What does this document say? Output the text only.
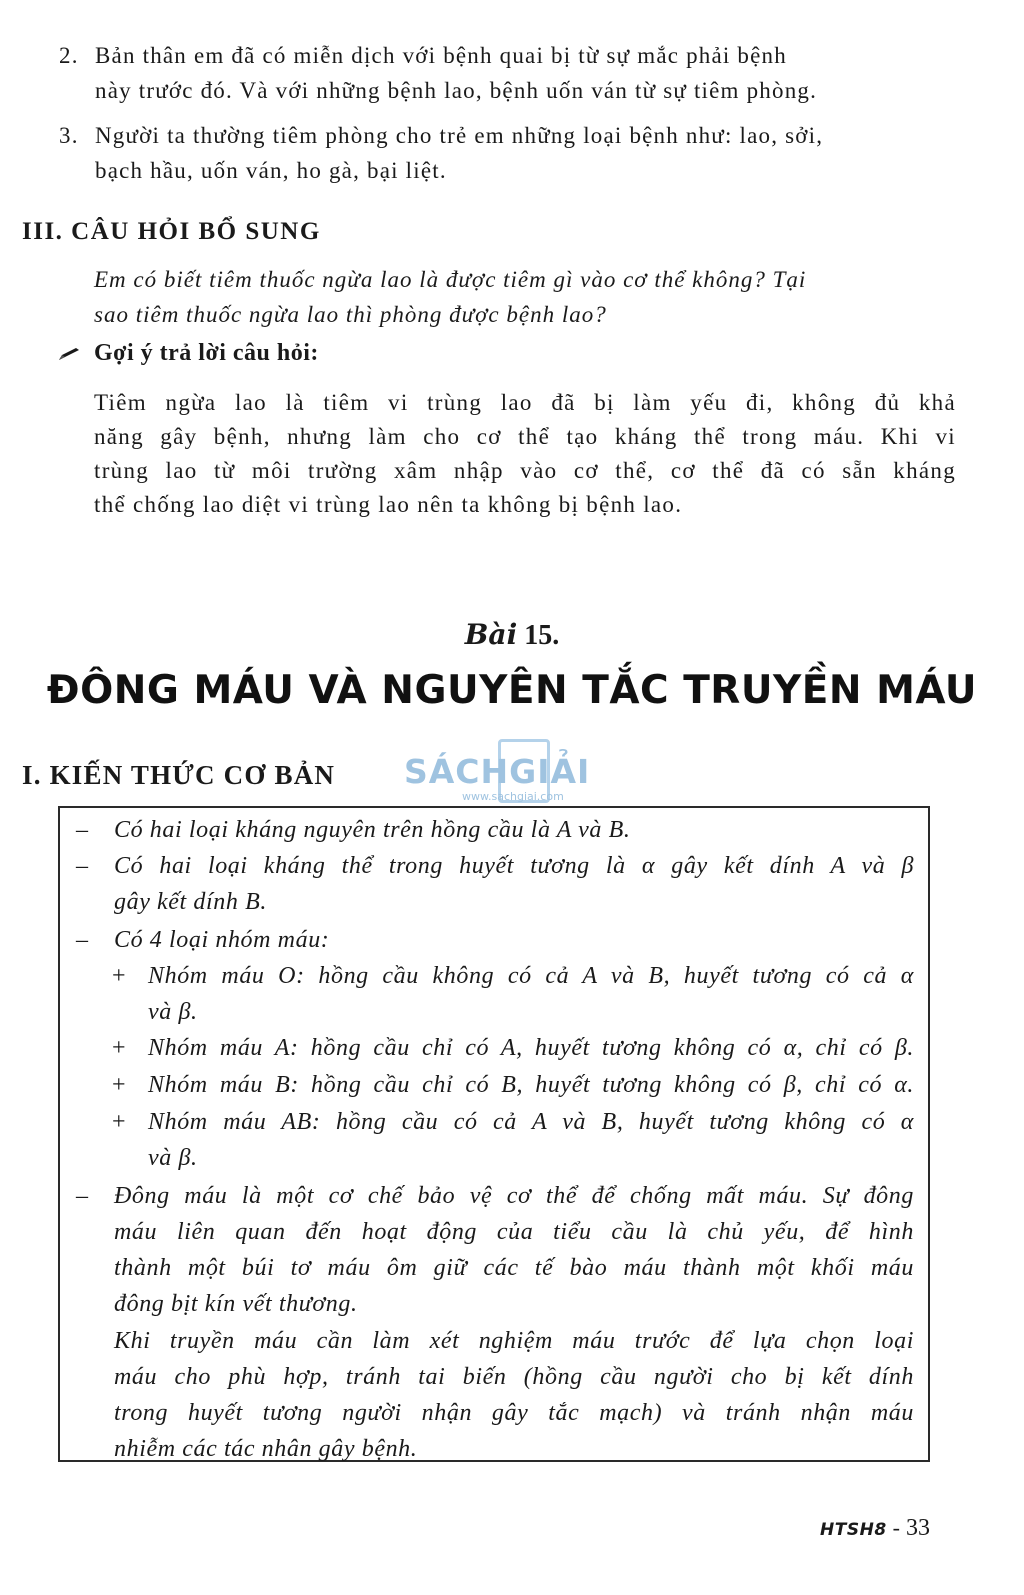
2. Bản thân em đã có miễn dịch với bệnh quai bị từ sự mắc phải bệnh
này trước đó. Và với những bệnh lao, bệnh uốn ván từ sự tiêm phòng.
3. Người ta thường tiêm phòng cho trẻ em những loại bệnh như: lao, sởi,
bạch hầu, uốn ván, ho gà, bại liệt.
III. CÂU HỎI BỔ SUNG
Em có biết tiêm thuốc ngừa lao là được tiêm gì vào cơ thể không? Tại
sao tiêm thuốc ngừa lao thì phòng được bệnh lao?
Gợi ý trả lời câu hỏi:
Tiêm ngừa lao là tiêm vi trùng lao đã bị làm yếu đi, không đủ khả
năng gây bệnh, nhưng làm cho cơ thể tạo kháng thể trong máu. Khi vi
trùng lao từ môi trường xâm nhập vào cơ thể, cơ thể đã có sẵn kháng
thể chống lao diệt vi trùng lao nên ta không bị bệnh lao.
Bài 15.
ĐÔNG MÁU VÀ NGUYÊN TẮC TRUYỀN MÁU
I. KIẾN THỨC CƠ BẢN SÁCHGIẢI
www.sachgiai.com
– Có hai loại kháng nguyên trên hồng cầu là A và B.
– Có hai loại kháng thể trong huyết tương là α gây kết dính A và β
gây kết dính B.
– Có 4 loại nhóm máu:
+ Nhóm máu O: hồng cầu không có cả A và B, huyết tương có cả α
và β.
+ Nhóm máu A: hồng cầu chỉ có A, huyết tương không có α, chỉ có β.
+ Nhóm máu B: hồng cầu chỉ có B, huyết tương không có β, chỉ có α.
+ Nhóm máu AB: hồng cầu có cả A và B, huyết tương không có α
và β.
– Đông máu là một cơ chế bảo vệ cơ thể để chống mất máu. Sự đông
máu liên quan đến hoạt động của tiểu cầu là chủ yếu, để hình
thành một búi tơ máu ôm giữ các tế bào máu thành một khối máu
đông bịt kín vết thương.
Khi truyền máu cần làm xét nghiệm máu trước để lựa chọn loại
máu cho phù hợp, tránh tai biến (hồng cầu người cho bị kết dính
trong huyết tương người nhận gây tắc mạch) và tránh nhận máu
nhiễm các tác nhân gây bệnh.
HTSH8 - 33
